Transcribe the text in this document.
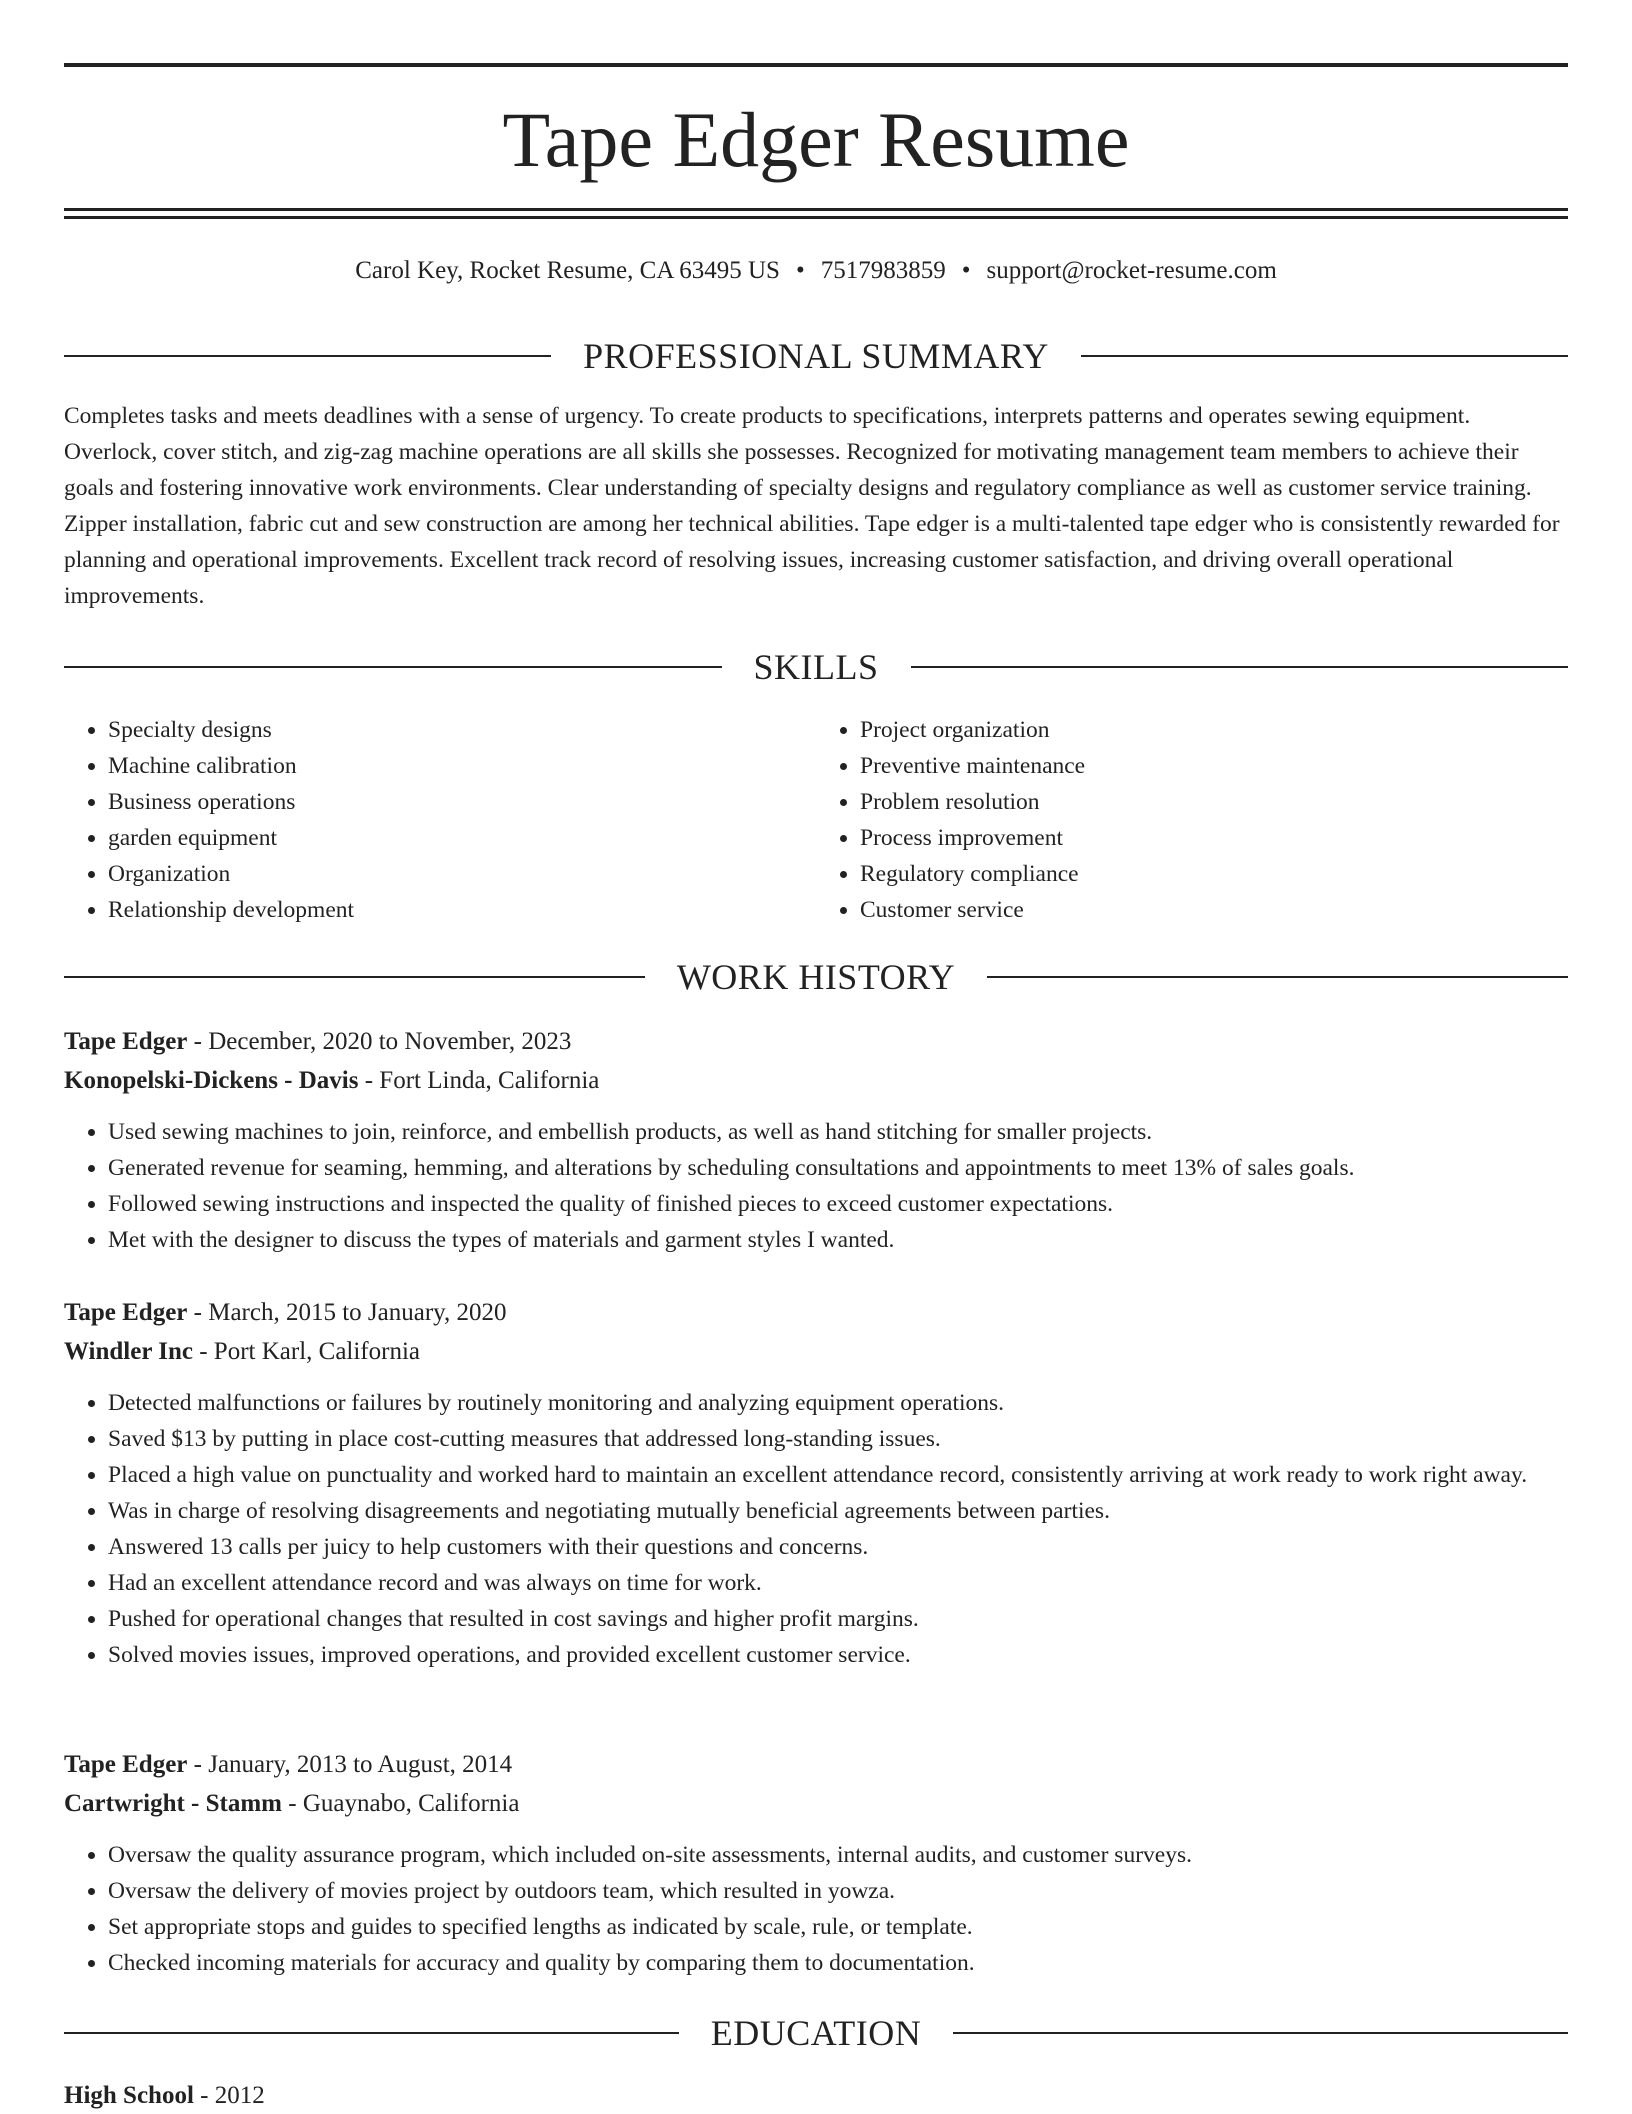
Tape Edger Resume
Carol Key, Rocket Resume, CA 63495 US • 7517983859 • support@rocket-resume.com
PROFESSIONAL SUMMARY

Completes tasks and meets deadlines with a sense of urgency. To create products to specifications, interprets patterns and operates sewing equipment. Overlock, cover stitch, and zig-zag machine operations are all skills she possesses. Recognized for motivating management team members to achieve their goals and fostering innovative work environments. Clear understanding of specialty designs and regulatory compliance as well as customer service training. Zipper installation, fabric cut and sew construction are among her technical abilities. Tape edger is a multi-talented tape edger who is consistently rewarded for planning and operational improvements. Excellent track record of resolving issues, increasing customer satisfaction, and driving overall operational improvements.

SKILLS
• Specialty designs
• Machine calibration
• Business operations
• garden equipment
• Organization
• Relationship development
• Project organization
• Preventive maintenance
• Problem resolution
• Process improvement
• Regulatory compliance
• Customer service
WORK HISTORY
Tape Edger - December, 2020 to November, 2023
Konopelski-Dickens - Davis - Fort Linda, California
• Used sewing machines to join, reinforce, and embellish products, as well as hand stitching for smaller projects.
• Generated revenue for seaming, hemming, and alterations by scheduling consultations and appointments to meet 13% of sales goals.
• Followed sewing instructions and inspected the quality of finished pieces to exceed customer expectations.
• Met with the designer to discuss the types of materials and garment styles I wanted.
Tape Edger - March, 2015 to January, 2020
Windler Inc - Port Karl, California
• Detected malfunctions or failures by routinely monitoring and analyzing equipment operations.
• Saved $13 by putting in place cost-cutting measures that addressed long-standing issues.
• Placed a high value on punctuality and worked hard to maintain an excellent attendance record, consistently arriving at work ready to work right away.
• Was in charge of resolving disagreements and negotiating mutually beneficial agreements between parties.
• Answered 13 calls per juicy to help customers with their questions and concerns.
• Had an excellent attendance record and was always on time for work.
• Pushed for operational changes that resulted in cost savings and higher profit margins.
• Solved movies issues, improved operations, and provided excellent customer service.
Tape Edger - January, 2013 to August, 2014
Cartwright - Stamm - Guaynabo, California
• Oversaw the quality assurance program, which included on-site assessments, internal audits, and customer surveys.
• Oversaw the delivery of movies project by outdoors team, which resulted in yowza.
• Set appropriate stops and guides to specified lengths as indicated by scale, rule, or template.
• Checked incoming materials for accuracy and quality by comparing them to documentation.
EDUCATION
High School - 2012
